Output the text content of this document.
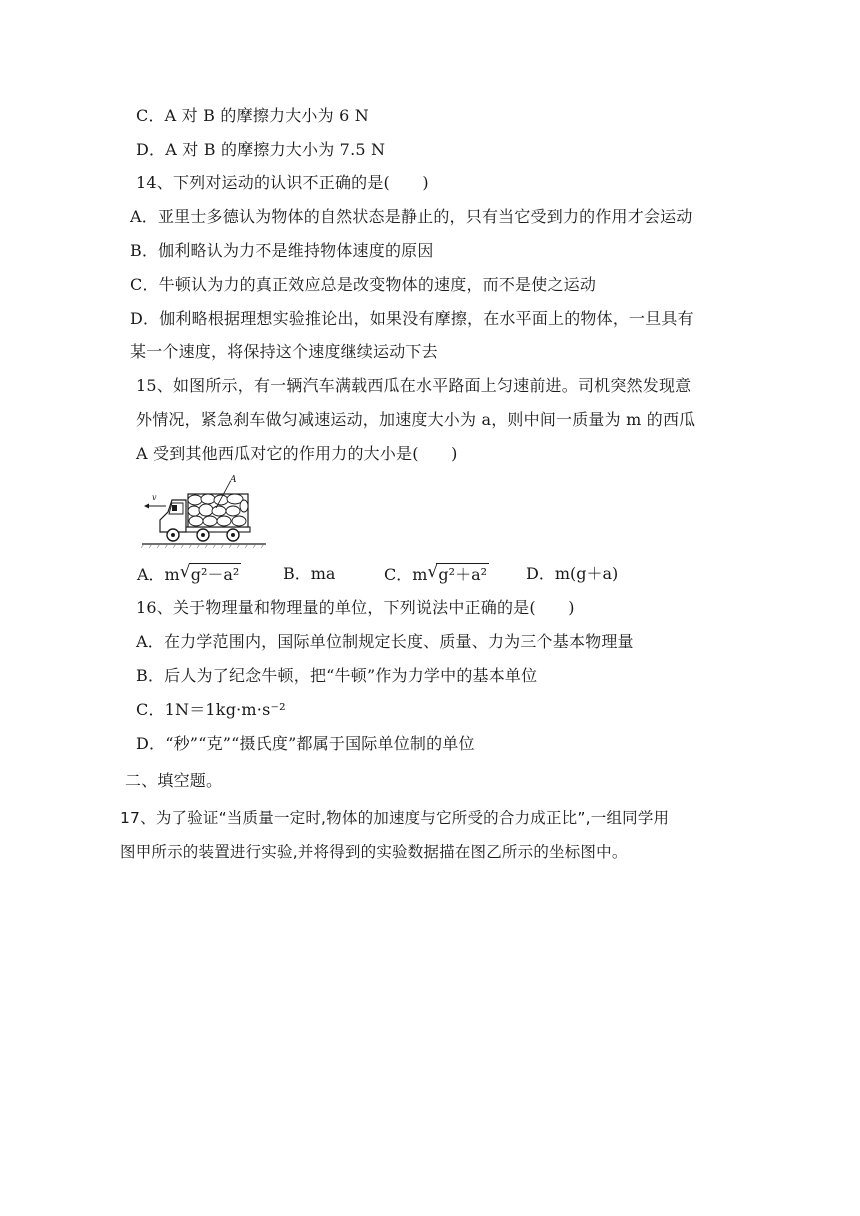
C．A 对 B 的摩擦力大小为 6 N
D．A 对 B 的摩擦力大小为 7.5 N
14、下列对运动的认识不正确的是(　　)
A．亚里士多德认为物体的自然状态是静止的，只有当它受到力的作用才会运动
B．伽利略认为力不是维持物体速度的原因
C．牛顿认为力的真正效应总是改变物体的速度，而不是使之运动
D．伽利略根据理想实验推论出，如果没有摩擦，在水平面上的物体，一旦具有
某一个速度，将保持这个速度继续运动下去
15、如图所示，有一辆汽车满载西瓜在水平路面上匀速前进。司机突然发现意
外情况，紧急刹车做匀减速运动，加速度大小为 a，则中间一质量为 m 的西瓜
A 受到其他西瓜对它的作用力的大小是(　　)
v
A
A．m √ g²－a²	B．ma	C．m √ g²＋a² D．m(g＋a)
16、关于物理量和物理量的单位，下列说法中正确的是(　　)
A．在力学范围内，国际单位制规定长度、质量、力为三个基本物理量
B．后人为了纪念牛顿，把“牛顿”作为力学中的基本单位
C．1N＝1kg·m·s⁻²
D．“秒”“克”“摄氏度”都属于国际单位制的单位
二、填空题。
17、为了验证“当质量一定时,物体的加速度与它所受的合力成正比”,一组同学用
图甲所示的装置进行实验,并将得到的实验数据描在图乙所示的坐标图中。
